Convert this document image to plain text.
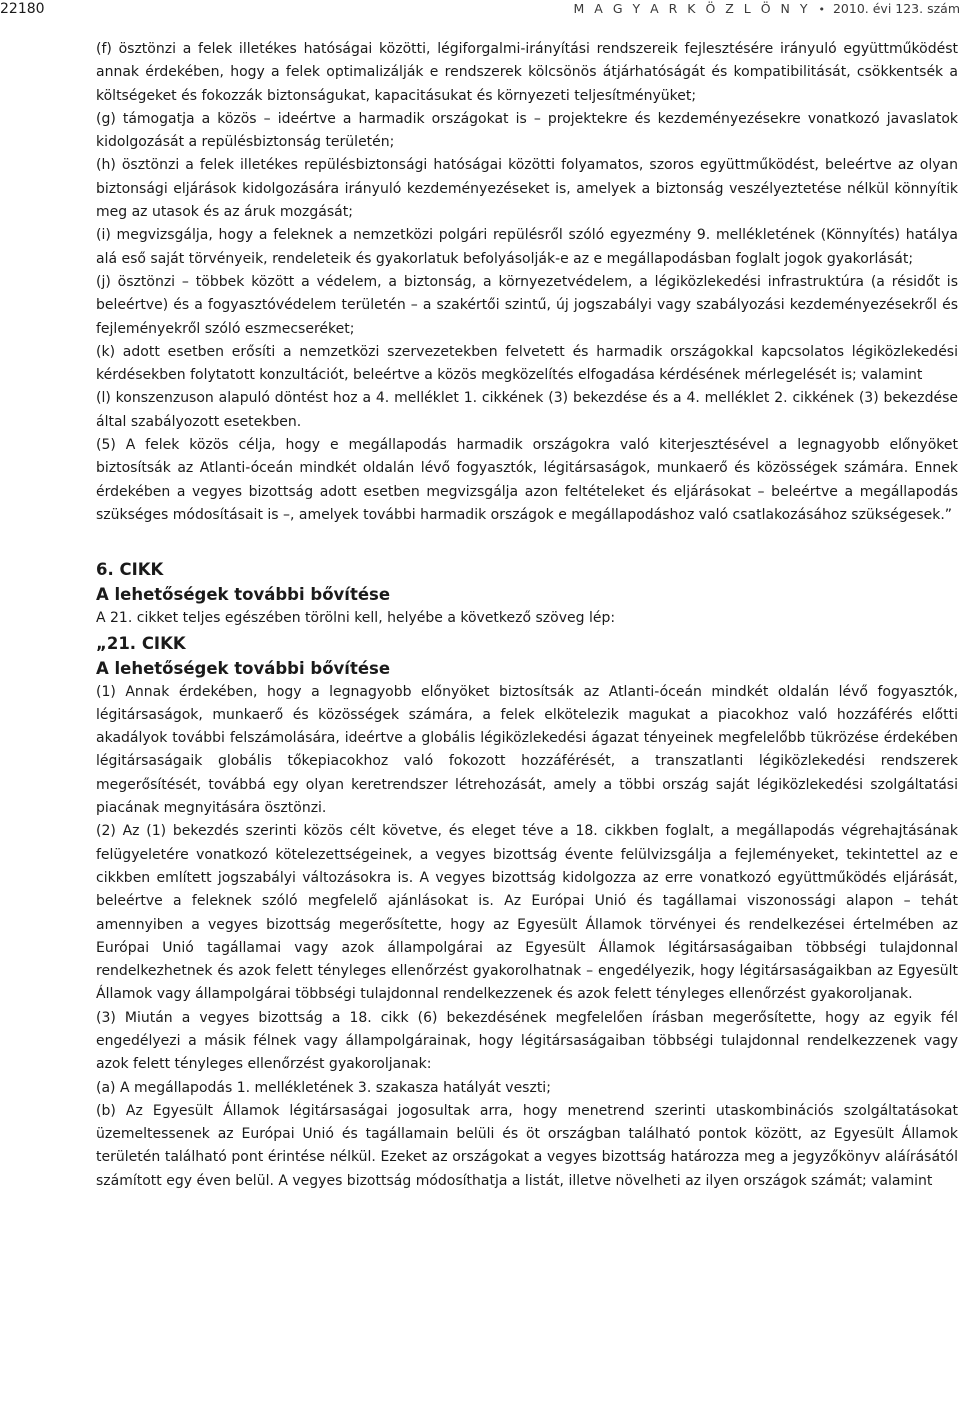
22180	M A G Y A R K Ö Z L Ö N Y • 2010. évi 123. szám

(f) ösztönzi a felek illetékes hatóságai közötti, légiforgalmi-irányítási rendszereik fejlesztésére irányuló együttműködést annak érdekében, hogy a felek optimalizálják e rendszerek kölcsönös átjárhatóságát és kompatibilitását, csökkentsék a költségeket és fokozzák biztonságukat, kapacitásukat és környezeti teljesítményüket;

(g) támogatja a közös – ideértve a harmadik országokat is – projektekre és kezdeményezésekre vonatkozó javaslatok kidolgozását a repülésbiztonság területén;

(h) ösztönzi a felek illetékes repülésbiztonsági hatóságai közötti folyamatos, szoros együttműködést, beleértve az olyan biztonsági eljárások kidolgozására irányuló kezdeményezéseket is, amelyek a biztonság veszélyeztetése nélkül könnyítik meg az utasok és az áruk mozgását;

(i) megvizsgálja, hogy a feleknek a nemzetközi polgári repülésről szóló egyezmény 9. mellékletének (Könnyítés) hatálya alá eső saját törvényeik, rendeleteik és gyakorlatuk befolyásolják-e az e megállapodásban foglalt jogok gyakorlását;

(j) ösztönzi – többek között a védelem, a biztonság, a környezetvédelem, a légiközlekedési infrastruktúra (a résidőt is beleértve) és a fogyasztóvédelem területén – a szakértői szintű, új jogszabályi vagy szabályozási kezdeményezésekről és fejleményekről szóló eszmecseréket;

(k) adott esetben erősíti a nemzetközi szervezetekben felvetett és harmadik országokkal kapcsolatos légiközlekedési kérdésekben folytatott konzultációt, beleértve a közös megközelítés elfogadása kérdésének mérlegelését is; valamint

(l) konszenzuson alapuló döntést hoz a 4. melléklet 1. cikkének (3) bekezdése és a 4. melléklet 2. cikkének (3) bekezdése által szabályozott esetekben.

(5) A felek közös célja, hogy e megállapodás harmadik országokra való kiterjesztésével a legnagyobb előnyöket biztosítsák az Atlanti-óceán mindkét oldalán lévő fogyasztók, légitársaságok, munkaerő és közösségek számára. Ennek érdekében a vegyes bizottság adott esetben megvizsgálja azon feltételeket és eljárásokat – beleértve a megállapodás szükséges módosításait is –, amelyek további harmadik országok e megállapodáshoz való csatlakozásához szükségesek.”

6. CIKK

A lehetőségek további bővítése

A 21. cikket teljes egészében törölni kell, helyébe a következő szöveg lép:

„21. CIKK

A lehetőségek további bővítése

(1) Annak érdekében, hogy a legnagyobb előnyöket biztosítsák az Atlanti-óceán mindkét oldalán lévő fogyasztók, légitársaságok, munkaerő és közösségek számára, a felek elkötelezik magukat a piacokhoz való hozzáférés előtti akadályok további felszámolására, ideértve a globális légiközlekedési ágazat tényeinek megfelelőbb tükrözése érdekében légitársaságaik globális tőkepiacokhoz való fokozott hozzáférését, a transzatlanti légiközlekedési rendszerek megerősítését, továbbá egy olyan keretrendszer létrehozását, amely a többi ország saját légiközlekedési szolgáltatási piacának megnyitására ösztönzi.

(2) Az (1) bekezdés szerinti közös célt követve, és eleget téve a 18. cikkben foglalt, a megállapodás végrehajtásának felügyeletére vonatkozó kötelezettségeinek, a vegyes bizottság évente felülvizsgálja a fejleményeket, tekintettel az e cikkben említett jogszabályi változásokra is. A vegyes bizottság kidolgozza az erre vonatkozó együttműködés eljárását, beleértve a feleknek szóló megfelelő ajánlásokat is. Az Európai Unió és tagállamai viszonossági alapon – tehát amennyiben a vegyes bizottság megerősítette, hogy az Egyesült Államok törvényei és rendelkezései értelmében az Európai Unió tagállamai vagy azok állampolgárai az Egyesült Államok légitársaságaiban többségi tulajdonnal rendelkezhetnek és azok felett tényleges ellenőrzést gyakorolhatnak – engedélyezik, hogy légitársaságaikban az Egyesült Államok vagy állampolgárai többségi tulajdonnal rendelkezzenek és azok felett tényleges ellenőrzést gyakoroljanak.

(3) Miután a vegyes bizottság a 18. cikk (6) bekezdésének megfelelően írásban megerősítette, hogy az egyik fél engedélyezi a másik félnek vagy állampolgárainak, hogy légitársaságaiban többségi tulajdonnal rendelkezzenek vagy azok felett tényleges ellenőrzést gyakoroljanak:

(a) A megállapodás 1. mellékletének 3. szakasza hatályát veszti;

(b) Az Egyesült Államok légitársaságai jogosultak arra, hogy menetrend szerinti utaskombinációs szolgáltatásokat üzemeltessenek az Európai Unió és tagállamain belüli és öt országban található pontok között, az Egyesült Államok területén található pont érintése nélkül. Ezeket az országokat a vegyes bizottság határozza meg a jegyzőkönyv aláírásától számított egy éven belül. A vegyes bizottság módosíthatja a listát, illetve növelheti az ilyen országok számát; valamint
